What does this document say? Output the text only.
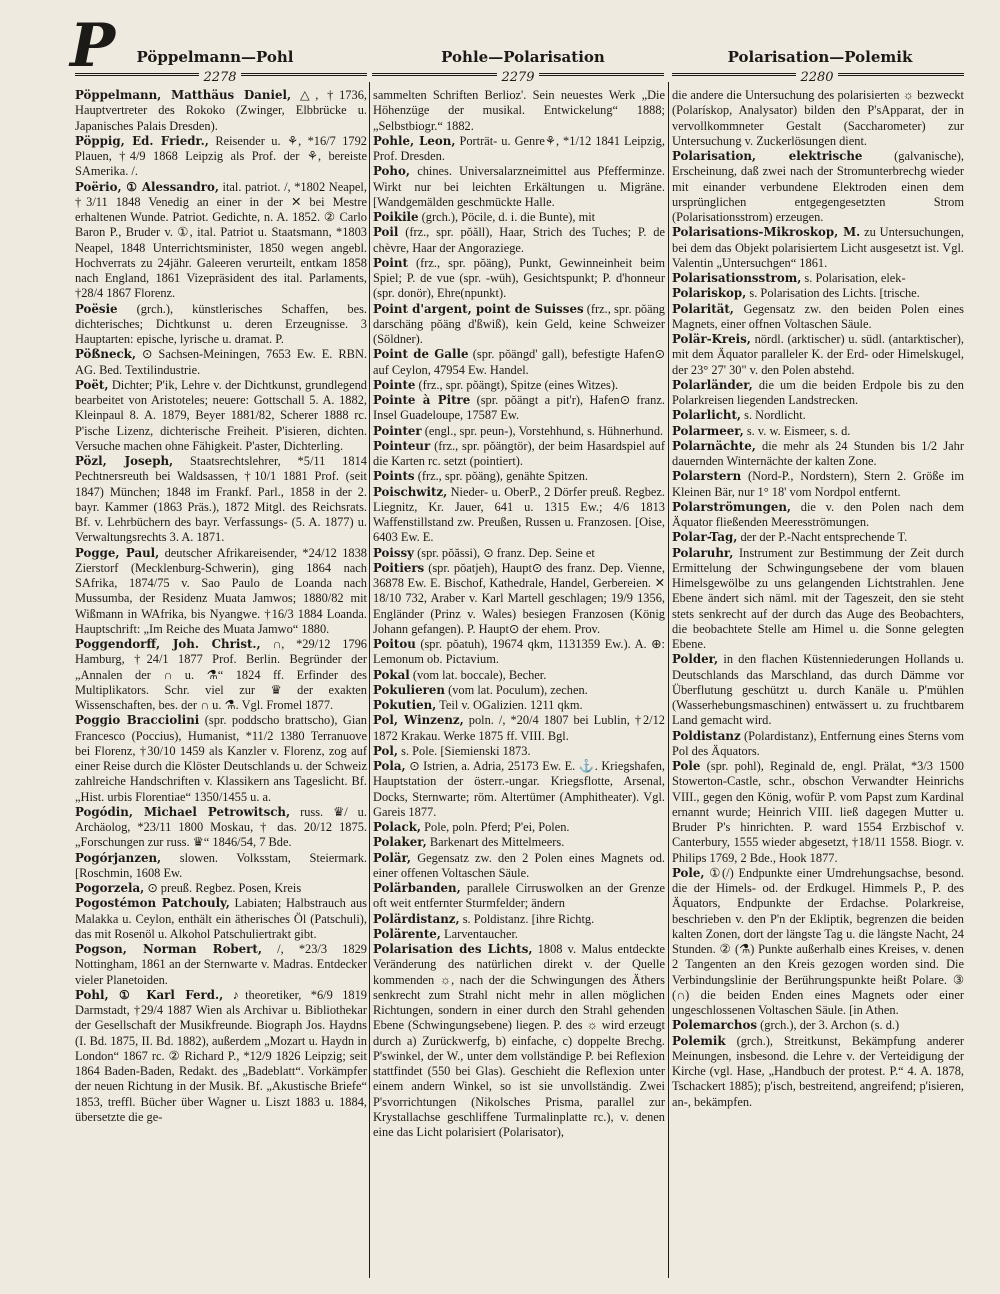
P	Pöppelmann—Pohl	Pohle—Polarisation	Polarisation—Polemik
2278	2279	2280

Pöppelmann, Matthäus Daniel, △, †1736, Hauptvertreter des Rokoko (Zwinger, Elbbrücke u. Japanisches Palais Dresden).

Pöppig, Ed. Friedr., Reisender u. ⚘, *16/7 1792 Plauen, †4/9 1868 Leipzig als Prof. der ⚘, bereiste SAmerika. /.

Poërio, ① Alessandro, ital. patriot. /, *1802 Neapel, †3/11 1848 Venedig an einer in der ✕ bei Mestre erhaltenen Wunde. Patriot. Gedichte, n. A. 1852. ② Carlo Baron P., Bruder v. ①, ital. Patriot u. Staatsmann, *1803 Neapel, 1848 Unterrichtsminister, 1850 wegen angebl. Hochverrats zu 24jähr. Galeeren verurteilt, entkam 1858 nach England, 1861 Vizepräsident des ital. Parlaments, †28/4 1867 Florenz.

Poësie (grch.), künstlerisches Schaffen, bes. dichterisches; Dichtkunst u. deren Erzeugnisse. 3 Hauptarten: epische, lyrische u. dramat. P.

Pößneck, ⊙ Sachsen-Meiningen, 7653 Ew. E. RBN. AG. Bed. Textilindustrie.

Poët, Dichter; P'ik, Lehre v. der Dichtkunst, grundlegend bearbeitet von Aristoteles; neuere: Gottschall 5. A. 1882, Kleinpaul 8. A. 1879, Beyer 1881/82, Scherer 1888 rc. P'ische Lizenz, dichterische Freiheit. P'isieren, dichten. Versuche machen ohne Fähigkeit. P'aster, Dichterling.

Pözl, Joseph, Staatsrechtslehrer, *5/11 1814 Pechtnersreuth bei Waldsassen, †10/1 1881 Prof. (seit 1847) München; 1848 im Frankf. Parl., 1858 in der 2. bayr. Kammer (1863 Präs.), 1872 Mitgl. des Reichsrats. Bf. v. Lehrbüchern des bayr. Verfassungs- (5. A. 1877) u. Verwaltungsrechts 3. A. 1871.

Pogge, Paul, deutscher Afrikareisender, *24/12 1838 Zierstorf (Mecklenburg-Schwerin), ging 1864 nach SAfrika, 1874/75 v. Sao Paulo de Loanda nach Mussumba, der Residenz Muata Jamwos; 1880/82 mit Wißmann in WAfrika, bis Nyangwe. †16/3 1884 Loanda. Hauptschrift: „Im Reiche des Muata Jamwo“ 1880.

Poggendorff, Joh. Christ., ∩, *29/12 1796 Hamburg, †24/1 1877 Prof. Berlin. Begründer der „Annalen der ∩ u. ⚗“ 1824 ff. Erfinder des Multiplikators. Schr. viel zur ♛ der exakten Wissenschaften, bes. der ∩ u. ⚗. Vgl. Fromel 1877.

Poggio Bracciolini (spr. poddscho brattscho), Gian Francesco (Poccius), Humanist, *11/2 1380 Terranuove bei Florenz, †30/10 1459 als Kanzler v. Florenz, zog auf einer Reise durch die Klöster Deutschlands u. der Schweiz zahlreiche Handschriften v. Klassikern ans Tageslicht. Bf. „Hist. urbis Florentiae“ 1350/1455 u. a.

Pogódin, Michael Petrowitsch, russ. ♛/ u. Archäolog, *23/11 1800 Moskau, † das. 20/12 1875. „Forschungen zur russ. ♛“ 1846/54, 7 Bde.

Pogórjanzen, slowen. Volksstam, Steiermark. [Roschmin, 1608 Ew.

Pogorzela, ⊙ preuß. Regbez. Posen, Kreis

Pogostémon Patchouly, Labiaten; Halbstrauch aus Malakka u. Ceylon, enthält ein ätherisches Öl (Patschuli), das mit Rosenöl u. Alkohol Patschuliertrakt gibt.

Pogson, Norman Robert, /, *23/3 1829 Nottingham, 1861 an der Sternwarte v. Madras. Entdecker vieler Planetoiden.

Pohl, ① Karl Ferd., ♪theoretiker, *6/9 1819 Darmstadt, †29/4 1887 Wien als Archivar u. Bibliothekar der Gesellschaft der Musikfreunde. Biograph Jos. Haydns (I. Bd. 1875, II. Bd. 1882), außerdem „Mozart u. Haydn in London“ 1867 rc. ② Richard P., *12/9 1826 Leipzig; seit 1864 Baden-Baden, Redakt. des „Badeblatt“. Vorkämpfer der neuen Richtung in der Musik. Bf. „Akustische Briefe“ 1853, treffl. Bücher über Wagner u. Liszt 1883 u. 1884, übersetzte die ge-

sammelten Schriften Berlioz'. Sein neuestes Werk „Die Höhenzüge der musikal. Entwickelung“ 1888; „Selbstbiogr.“ 1882.

Pohle, Leon, Porträt- u. Genre⚘, *1/12 1841 Leipzig, Prof. Dresden.

Poho, chines. Universalarzneimittel aus Pfefferminze. Wirkt nur bei leichten Erkältungen u. Migräne. [Wandgemälden geschmückte Halle.

Poikile (grch.), Pöcile, d. i. die Bunte), mit

Poil (frz., spr. pŏăll), Haar, Strich des Tuches; P. de chèvre, Haar der Angoraziege.

Point (frz., spr. pŏäng), Punkt, Gewinneinheit beim Spiel; P. de vue (spr. -wüh), Gesichtspunkt; P. d'honneur (spr. donör), Ehre(npunkt).

Point d'argent, point de Suisses (frz., spr. pŏäng darschäng pŏäng d'ßwiß), kein Geld, keine Schweizer (Söldner).

Point de Galle (spr. pŏängd' gall), befestigte Hafen⊙ auf Ceylon, 47954 Ew. Handel.

Pointe (frz., spr. pŏängt), Spitze (eines Witzes).

Pointe à Pitre (spr. pŏängt a pit'r), Hafen⊙ franz. Insel Guadeloupe, 17587 Ew.

Pointer (engl., spr. peun-), Vorstehhund, s. Hühnerhund.

Pointeur (frz., spr. pŏängtör), der beim Hasardspiel auf die Karten rc. setzt (pointiert).

Points (frz., spr. pŏäng), genähte Spitzen.

Poischwitz, Nieder- u. OberP., 2 Dörfer preuß. Regbez. Liegnitz, Kr. Jauer, 641 u. 1315 Ew.; 4/6 1813 Waffenstillstand zw. Preußen, Russen u. Franzosen. [Oise, 6403 Ew. E.

Poissy (spr. pŏăssi), ⊙ franz. Dep. Seine et

Poitiers (spr. pŏatjeh), Haupt⊙ des franz. Dep. Vienne, 36878 Ew. E. Bischof, Kathedrale, Handel, Gerbereien. ✕ 18/10 732, Araber v. Karl Martell geschlagen; 19/9 1356, Engländer (Prinz v. Wales) besiegen Franzosen (König Johann gefangen). P. Haupt⊙ der ehem. Prov.

Poitou (spr. pŏatuh), 19674 qkm, 1131359 Ew.). A. ⊕: Lemonum ob. Pictavium.

Pokal (vom lat. boccale), Becher.

Pokulieren (vom lat. Poculum), zechen.

Pokutien, Teil v. OGalizien. 1211 qkm.

Pol, Winzenz, poln. /, *20/4 1807 bei Lublin, †2/12 1872 Krakau. Werke 1875 ff. VIII. Bgl.

Pol, s. Pole. [Siemienski 1873.

Pola, ⊙ Istrien, a. Adria, 25173 Ew. E. ⚓. Kriegshafen, Hauptstation der österr.-ungar. Kriegsflotte, Arsenal, Docks, Sternwarte; röm. Altertümer (Amphitheater). Vgl. Gareis 1877.

Polack, Pole, poln. Pferd; P'ei, Polen.

Polaker, Barkenart des Mittelmeers.

Polär, Gegensatz zw. den 2 Polen eines Magnets od. einer offenen Voltaschen Säule.

Polärbanden, parallele Cirruswolken an der Grenze oft weit entfernter Sturmfelder; ändern

Polärdistanz, s. Poldistanz. [ihre Richtg.

Polärente, Larventaucher.

Polarisation des Lichts, 1808 v. Malus entdeckte Veränderung des natürlichen direkt v. der Quelle kommenden ☼, nach der die Schwingungen des Äthers senkrecht zum Strahl nicht mehr in allen möglichen Richtungen, sondern in einer durch den Strahl gehenden Ebene (Schwingungsebene) liegen. P. des ☼ wird erzeugt durch a) Zurückwerfg, b) einfache, c) doppelte Brechg. P'swinkel, der W., unter dem vollständige P. bei Reflexion stattfindet (550 bei Glas). Geschieht die Reflexion unter einem andern Winkel, so ist sie unvollständig. Zwei P'svorrichtungen (Nikolsches Prisma, parallel zur Krystallachse geschliffene Turmalinplatte rc.), v. denen eine das Licht polarisiert (Polarisator),

die andere die Untersuchung des polarisierten ☼ bezweckt (Polarískop, Analysator) bilden den P'sApparat, der in vervollkommneter Gestalt (Saccharometer) zur Untersuchung v. Zuckerlösungen dient.

Polarisation, elektrische	(galvanische), Erscheinung, daß zwei nach der Stromunterbrechg wieder mit einander verbundene Elektroden einen dem ursprünglichen entgegengesetzten Strom (Polarisationsstrom) erzeugen.

Polarisations-Mikroskop, M. zu Untersuchungen, bei dem das Objekt polarisiertem Licht ausgesetzt ist. Vgl. Valentin „Untersuchgen“ 1861.

Polarisationsstrom, s. Polarisation, elek-

Polariskop, s. Polarisation des Lichts. [trische.

Polarität, Gegensatz zw. den beiden Polen eines Magnets, einer offnen Voltaschen Säule.

Polär-Kreis, nördl. (arktischer) u. südl. (antarktischer), mit dem Äquator paralleler K. der Erd- oder Himelskugel, der 23° 27' 30" v. den Polen abstehd.

Polarländer, die um die beiden Erdpole bis zu den Polarkreisen liegenden Landstrecken.

Polarlicht, s. Nordlicht.

Polarmeer, s. v. w. Eismeer, s. d.

Polarnächte, die mehr als 24 Stunden bis 1/2 Jahr dauernden Winternächte der kalten Zone.

Polarstern (Nord-P., Nordstern), Stern 2. Größe im Kleinen Bär, nur 1° 18' vom Nordpol entfernt.

Polarströmungen, die v. den Polen nach dem Äquator fließenden Meeresströmungen.

Polar-Tag, der der P.-Nacht entsprechende T.

Polaruhr, Instrument zur Bestimmung der Zeit durch Ermittelung der Schwingungsebene der vom blauen Himelsgewölbe zu uns gelangenden Lichtstrahlen. Jene Ebene ändert sich näml. mit der Tageszeit, den sie steht stets senkrecht auf der durch das Auge des Beobachters, die beobachtete Stelle am Himel u. die Sonne gelegten Ebene.

Polder, in den flachen Küstenniederungen Hollands u. Deutschlands das Marschland, das durch Dämme vor Überflutung geschützt u. durch Kanäle u. P'mühlen (Wasserhebungsmaschinen) entwässert u. zu fruchtbarem Land gemacht wird.

Poldistanz (Polardistanz), Entfernung eines Sterns vom Pol des Äquators.

Pole (spr. pohl), Reginald de, engl. Prälat, *3/3 1500 Stowerton-Castle, schr., obschon Verwandter Heinrichs VIII., gegen den König, wofür P. vom Papst zum Kardinal ernannt wurde; Heinrich VIII. ließ dagegen Mutter u. Bruder P's hinrichten. P. ward 1554 Erzbischof v. Canterbury, 1555 wieder abgesetzt, †18/11 1558. Biogr. v. Philips 1769, 2 Bde., Hook 1877.

Pole, ①(/) Endpunkte einer Umdrehungsachse, besond. die der Himels- od. der Erdkugel. Himmels P., P. des Äquators, Endpunkte der Erdachse. Polarkreise, beschrieben v. den P'n der Ekliptik, begrenzen die beiden kalten Zonen, dort der längste Tag u. die längste Nacht, 24 Stunden. ② (⚗) Punkte außerhalb eines Kreises, v. denen 2 Tangenten an den Kreis gezogen worden sind. Die Verbindungslinie der Berührungspunkte heißt Polare. ③ (∩) die beiden Enden eines Magnets oder einer ungeschlossenen Voltaschen Säule. [in Athen.

Polemarchos (grch.), der 3. Archon (s. d.)

Polemik (grch.), Streitkunst, Bekämpfung anderer Meinungen, insbesond. die Lehre v. der Verteidigung der Kirche (vgl. Hase, „Handbuch der protest. P.“ 4. A. 1878, Tschackert 1885); p'isch, bestreitend, angreifend; p'isieren, an-, bekämpfen.
